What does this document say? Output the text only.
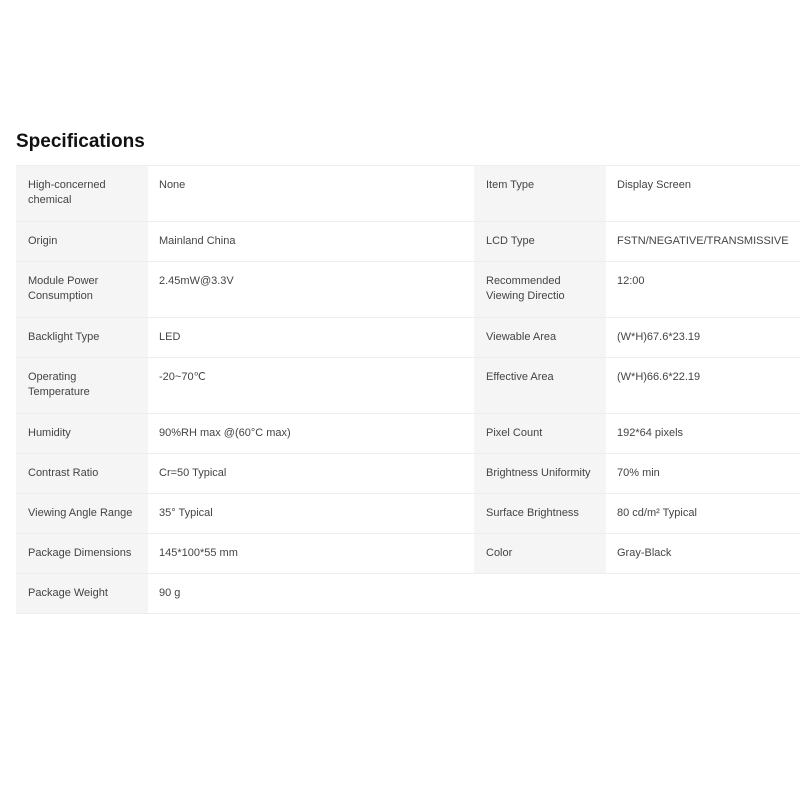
Specifications
High-concerned chemical	None	Item Type	Display Screen
Origin	Mainland China	LCD Type	FSTN/NEGATIVE/TRANSMISSIVE
Module Power Consumption	2.45mW@3.3V	Recommended Viewing Directio	12:00
Backlight Type	LED	Viewable Area	(W*H)67.6*23.19
Operating Temperature	-20~70℃	Effective Area	(W*H)66.6*22.19
Humidity	90%RH max @(60°C max)	Pixel Count	192*64 pixels
Contrast Ratio	Cr=50 Typical	Brightness Uniformity	70% min
Viewing Angle Range	35° Typical	Surface Brightness	80 cd/m² Typical
Package Dimensions	145*100*55 mm	Color	Gray-Black
Package Weight	90 g		
